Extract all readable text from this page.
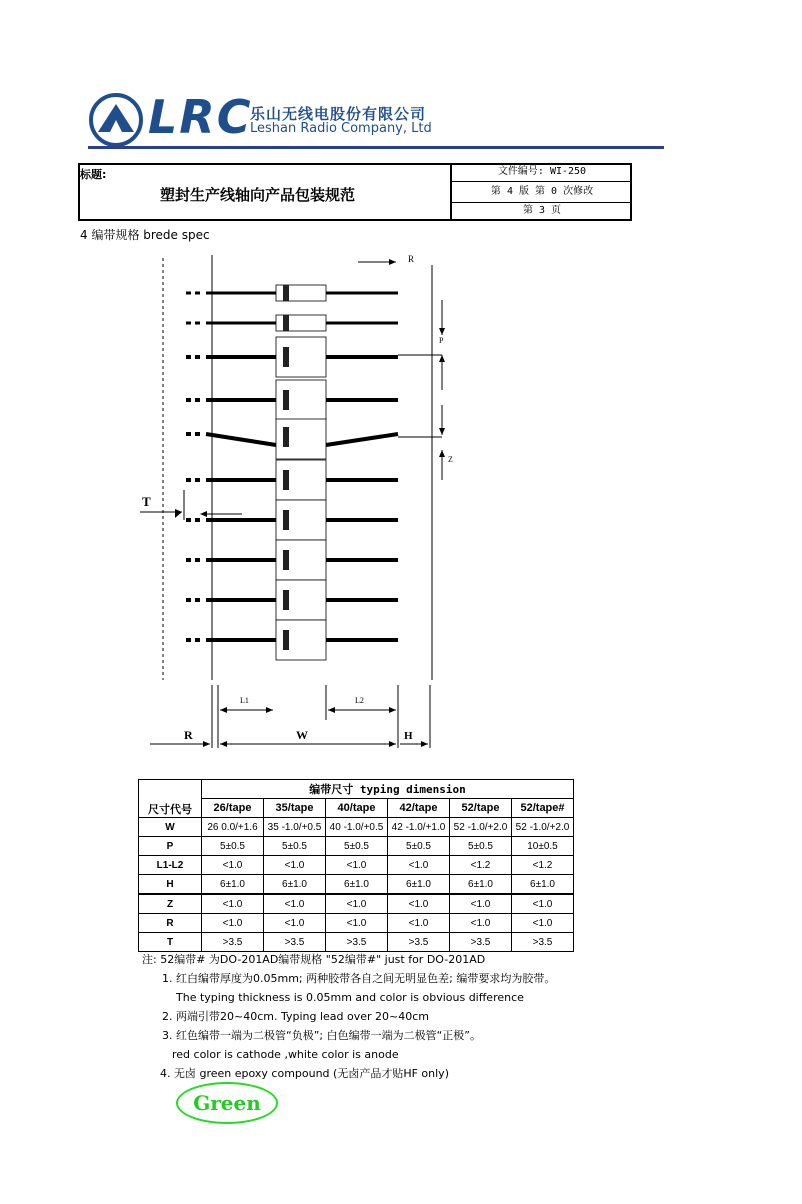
LRC
乐山无线电股份有限公司
Leshan Radio Company, Ltd
标题:
塑封生产线轴向产品包装规范
文件编号: WI-250
第 4 版 第 0 次修改
第 3 页
4 编带规格 brede spec
R
P
Z
T
L1	L2
R	W	H
尺寸代号	编带尺寸 typing dimension					
	26/tape	35/tape	40/tape	42/tape	52/tape	52/tape#
W	26 0.0/+1.6	35 -1.0/+0.5	40 -1.0/+0.5	42 -1.0/+1.0	52 -1.0/+2.0	52 -1.0/+2.0
P	5±0.5	5±0.5	5±0.5	5±0.5	5±0.5	10±0.5
L1-L2	<1.0	<1.0	<1.0	<1.0	<1.2	<1.2
H	6±1.0	6±1.0	6±1.0	6±1.0	6±1.0	6±1.0
Z	<1.0	<1.0	<1.0	<1.0	<1.0	<1.0
R	<1.0	<1.0	<1.0	<1.0	<1.0	<1.0
T	>3.5	>3.5	>3.5	>3.5	>3.5	>3.5
注: 52编带# 为DO-201AD编带规格 "52编带#" just for DO-201AD
1. 红白编带厚度为0.05mm; 两种胶带各自之间无明显色差; 编带要求均为胶带。
The typing thickness is 0.05mm and color is obvious difference
2. 两端引带20~40cm. Typing lead over 20~40cm
3. 红色编带一端为二极管“负极”; 白色编带一端为二极管“正极”。
red color is cathode ,white color is anode
4. 无卤 green epoxy compound (无卤产品才贴HF only)
Green
